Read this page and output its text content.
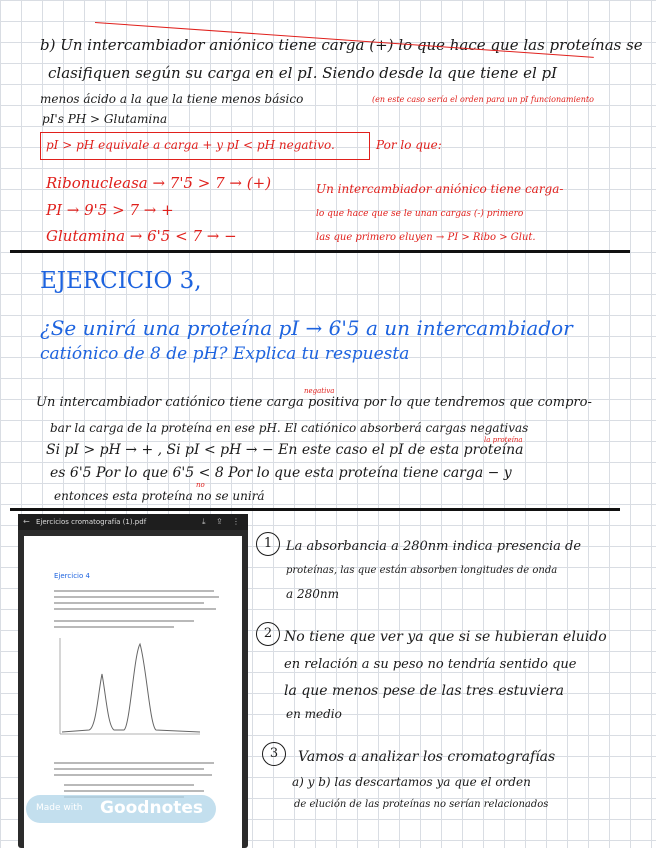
b) Un intercambiador aniónico tiene carga (+) lo que hace que las proteínas se
clasifiquen según su carga en el pI. Siendo desde la que tiene el pI
menos ácido a la que la tiene menos básico	(en este caso sería el orden para un pI funcionamiento
pI's PH > Glutamina
pI > pH equivale a carga + y pI < pH negativo.	Por lo que:
Ribonucleasa → 7'5 > 7 → (+)
PI → 9'5 > 7 → +
Glutamina → 6'5 < 7 → −
Un intercambiador aniónico tiene carga-
lo que hace que se le unan cargas (-) primero
las que primero eluyen → PI > Ribo > Glut.
EJERCICIO 3,
¿Se unirá una proteína pI → 6'5 a un intercambiador
catiónico de 8 de pH? Explica tu respuesta
Un intercambiador catiónico tiene carga positiva por lo que tendremos que compro-
negativa
bar la carga de la proteína en ese pH. El catiónico absorberá cargas negativas
Si pI > pH → + , Si pI < pH → − En este caso el pI de esta proteína
la proteína
es 6'5 Por lo que 6'5 < 8 Por lo que esta proteína tiene carga − y
entonces esta proteína no se unirá
no
← Ejercicios cromatografía (1).pdf	⤓ ⇪ ⋮
Ejercicio 4
Made with Goodnotes
1	La absorbancia a 280nm indica presencia de
proteínas, las que están absorben longitudes de onda
a 280nm
2 No tiene que ver ya que si se hubieran eluido
en relación a su peso no tendría sentido que
la que menos pese de las tres estuviera
en medio
3	Vamos a analizar los cromatografías
a) y b) las descartamos ya que el orden
de elución de las proteínas no serían relacionados
